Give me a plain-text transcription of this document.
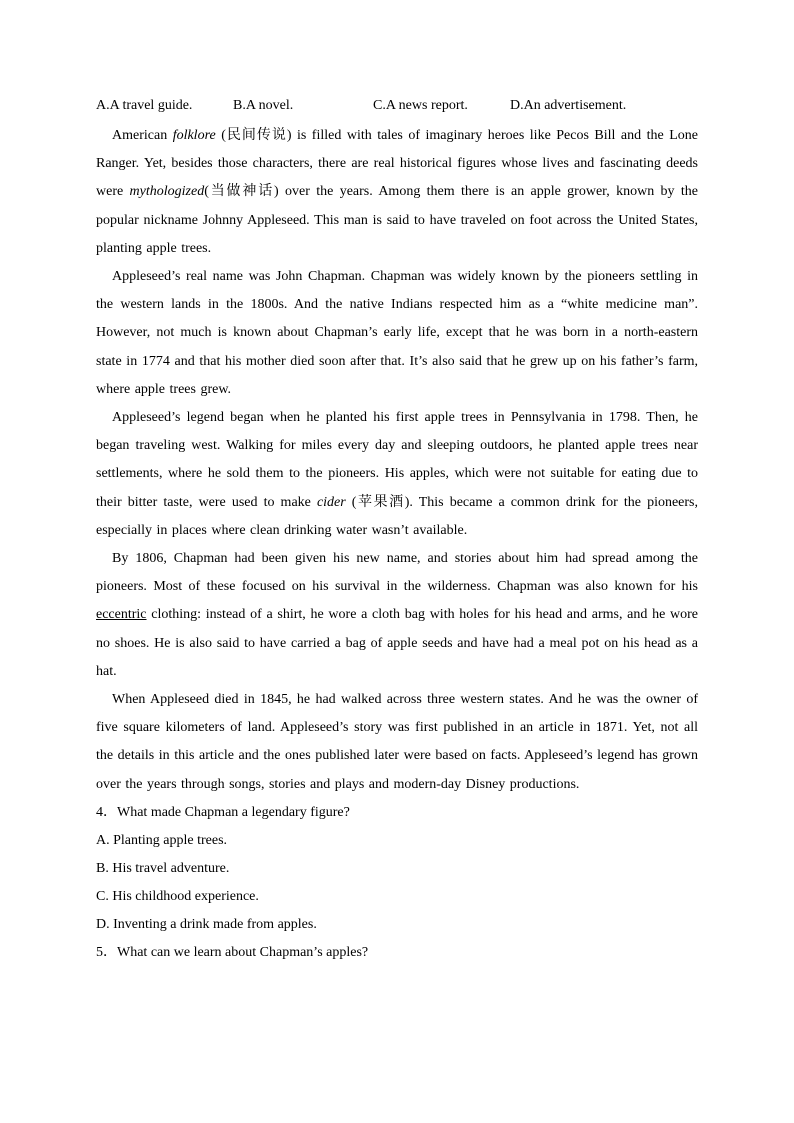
A.A travel guide.	B.A novel.	C.A news report.	D.An advertisement.

American folklore (民间传说) is filled with tales of imaginary heroes like Pecos Bill and the Lone Ranger. Yet, besides those characters, there are real historical figures whose lives and fascinating deeds were mythologized(当做神话) over the years. Among them there is an apple grower, known by the popular nickname Johnny Appleseed. This man is said to have traveled on foot across the United States, planting apple trees.

Appleseed’s real name was John Chapman. Chapman was widely known by the pioneers settling in the western lands in the 1800s. And the native Indians respected him as a “white medicine man”. However, not much is known about Chapman’s early life, except that he was born in a north-eastern state in 1774 and that his mother died soon after that. It’s also said that he grew up on his father’s farm, where apple trees grew.

Appleseed’s legend began when he planted his first apple trees in Pennsylvania in 1798. Then, he began traveling west. Walking for miles every day and sleeping outdoors, he planted apple trees near settlements, where he sold them to the pioneers. His apples, which were not suitable for eating due to their bitter taste, were used to make cider (苹果酒). This became a common drink for the pioneers, especially in places where clean drinking water wasn’t available.

By 1806, Chapman had been given his new name, and stories about him had spread among the pioneers. Most of these focused on his survival in the wilderness. Chapman was also known for his eccentric clothing: instead of a shirt, he wore a cloth bag with holes for his head and arms, and he wore no shoes. He is also said to have carried a bag of apple seeds and have had a meal pot on his head as a hat.

When Appleseed died in 1845, he had walked across three western states. And he was the owner of five square kilometers of land. Appleseed’s story was first published in an article in 1871. Yet, not all the details in this article and the ones published later were based on facts. Appleseed’s legend has grown over the years through songs, stories and plays and modern-day Disney productions.

4．What made Chapman a legendary figure?

A. Planting apple trees.

B. His travel adventure.

C. His childhood experience.

D. Inventing a drink made from apples.

5．What can we learn about Chapman’s apples?
